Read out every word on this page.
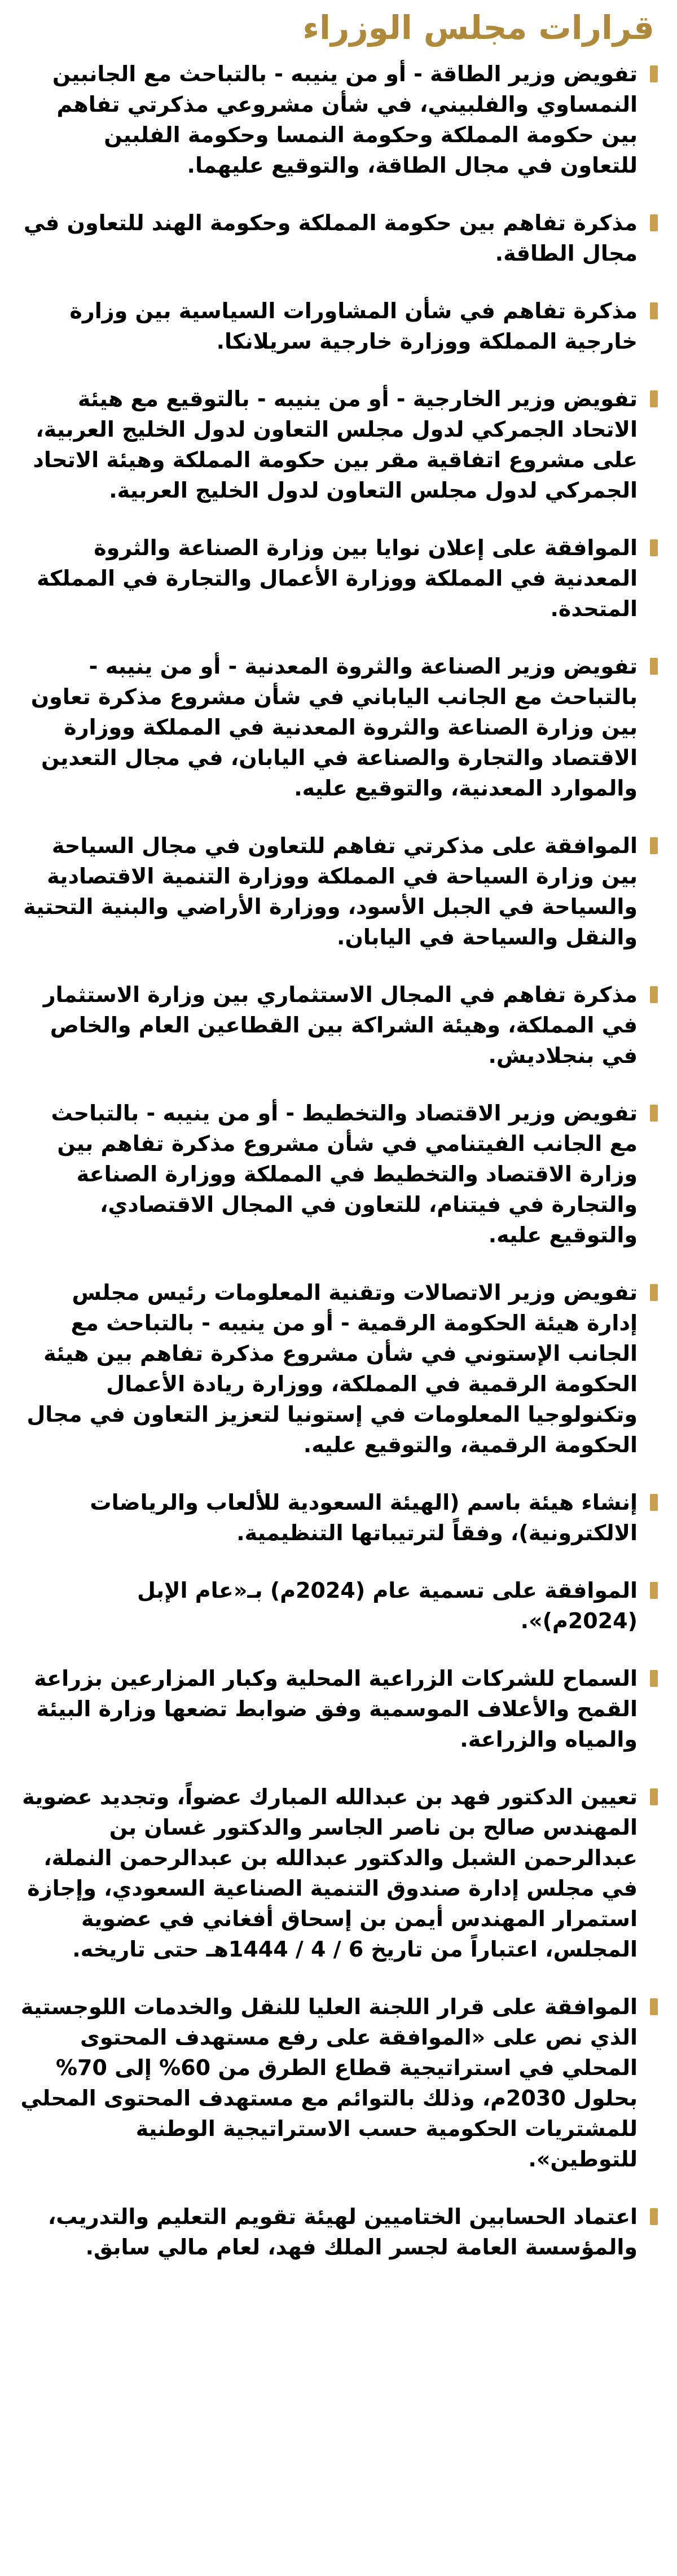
قرارات مجلس الوزراء
تفويض وزير الطاقة - أو من ينيبه - بالتباحث مع الجانبين النمساوي والفلبيني، في شأن مشروعي مذكرتي تفاهم بين حكومة المملكة وحكومة النمسا وحكومة الفلبين للتعاون في مجال الطاقة، والتوقيع عليهما.
مذكرة تفاهم بين حكومة المملكة وحكومة الهند للتعاون في مجال الطاقة.
مذكرة تفاهم في شأن المشاورات السياسية بين وزارة خارجية المملكة ووزارة خارجية سريلانكا.
تفويض وزير الخارجية - أو من ينيبه - بالتوقيع مع هيئة الاتحاد الجمركي لدول مجلس التعاون لدول الخليج العربية، على مشروع اتفاقية مقر بين حكومة المملكة وهيئة الاتحاد الجمركي لدول مجلس التعاون لدول الخليج العربية.
الموافقة على إعلان نوايا بين وزارة الصناعة والثروة المعدنية في المملكة ووزارة الأعمال والتجارة في المملكة المتحدة.
تفويض وزير الصناعة والثروة المعدنية - أو من ينيبه - بالتباحث مع الجانب الياباني في شأن مشروع مذكرة تعاون بين وزارة الصناعة والثروة المعدنية في المملكة ووزارة الاقتصاد والتجارة والصناعة في اليابان، في مجال التعدين والموارد المعدنية، والتوقيع عليه.
الموافقة على مذكرتي تفاهم للتعاون في مجال السياحة بين وزارة السياحة في المملكة ووزارة التنمية الاقتصادية والسياحة في الجبل الأسود، ووزارة الأراضي والبنية التحتية والنقل والسياحة في اليابان.
مذكرة تفاهم في المجال الاستثماري بين وزارة الاستثمار في المملكة، وهيئة الشراكة بين القطاعين العام والخاص في بنجلاديش.
تفويض وزير الاقتصاد والتخطيط - أو من ينيبه - بالتباحث مع الجانب الفيتنامي في شأن مشروع مذكرة تفاهم بين وزارة الاقتصاد والتخطيط في المملكة ووزارة الصناعة والتجارة في فيتنام، للتعاون في المجال الاقتصادي، والتوقيع عليه.
تفويض وزير الاتصالات وتقنية المعلومات رئيس مجلس إدارة هيئة الحكومة الرقمية - أو من ينيبه - بالتباحث مع الجانب الإستوني في شأن مشروع مذكرة تفاهم بين هيئة الحكومة الرقمية في المملكة، ووزارة ريادة الأعمال وتكنولوجيا المعلومات في إستونيا لتعزيز التعاون في مجال الحكومة الرقمية، والتوقيع عليه.
إنشاء هيئة باسم (الهيئة السعودية للألعاب والرياضات الالكترونية)، وفقاً لترتيباتها التنظيمية.
الموافقة على تسمية عام (2024م) بـ«عام الإبل (2024م)».
السماح للشركات الزراعية المحلية وكبار المزارعين بزراعة القمح والأعلاف الموسمية وفق ضوابط تضعها وزارة البيئة والمياه والزراعة.
تعيين الدكتور فهد بن عبدالله المبارك عضواً، وتجديد عضوية المهندس صالح بن ناصر الجاسر والدكتور غسان بن عبدالرحمن الشبل والدكتور عبدالله بن عبدالرحمن النملة، في مجلس إدارة صندوق التنمية الصناعية السعودي، وإجازة استمرار المهندس أيمن بن إسحاق أفغاني في عضوية المجلس، اعتباراً من تاريخ 6 / 4 / 1444هـ حتى تاريخه.
الموافقة على قرار اللجنة العليا للنقل والخدمات اللوجستية الذي نص على «الموافقة على رفع مستهدف المحتوى المحلي في استراتيجية قطاع الطرق من 60% إلى 70% بحلول 2030م، وذلك بالتوائم مع مستهدف المحتوى المحلي للمشتريات الحكومية حسب الاستراتيجية الوطنية للتوطين».
اعتماد الحسابين الختاميين لهيئة تقويم التعليم والتدريب، والمؤسسة العامة لجسر الملك فهد، لعام مالي سابق.
